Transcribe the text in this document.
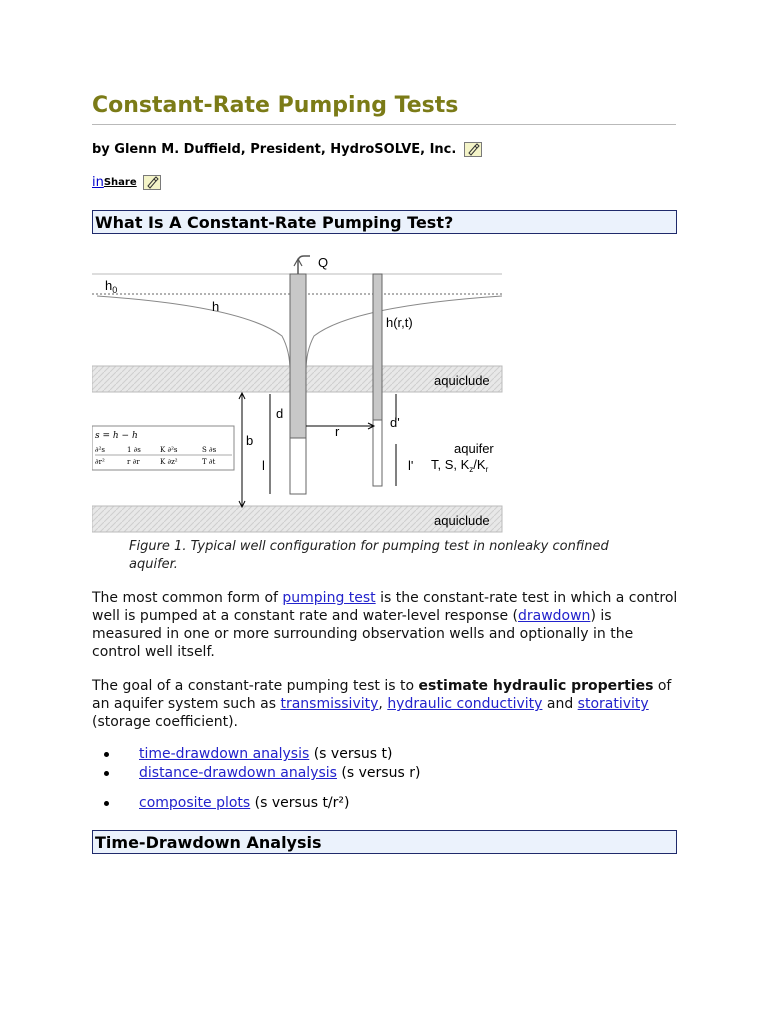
Constant-Rate Pumping Tests
by Glenn M. Duffield, President, HydroSOLVE, Inc.
in Share
What Is A Constant-Rate Pumping Test?
Q
$h_0$
h
h(r,t)
aquiclude
aquiclude
b
d
l
r
d'
l'
aquifer
T, S, $K_z/K_r$
s = h − h
∂²s
∂r²
1 ∂s
r ∂r
K ∂²s
K ∂z²
S ∂s
T ∂t
Figure 1. Typical well configuration for pumping test in nonleaky confined aquifer.

The most common form of pumping test is the constant-rate test in which a control well is pumped at a constant rate and water-level response (drawdown) is measured in one or more surrounding observation wells and optionally in the control well itself.

The goal of a constant-rate pumping test is to estimate hydraulic properties of an aquifer system such as transmissivity, hydraulic conductivity and storativity (storage coefficient).

time-drawdown analysis (s versus t)
distance-drawdown analysis (s versus r)
composite plots (s versus t/r²)
Time-Drawdown Analysis
